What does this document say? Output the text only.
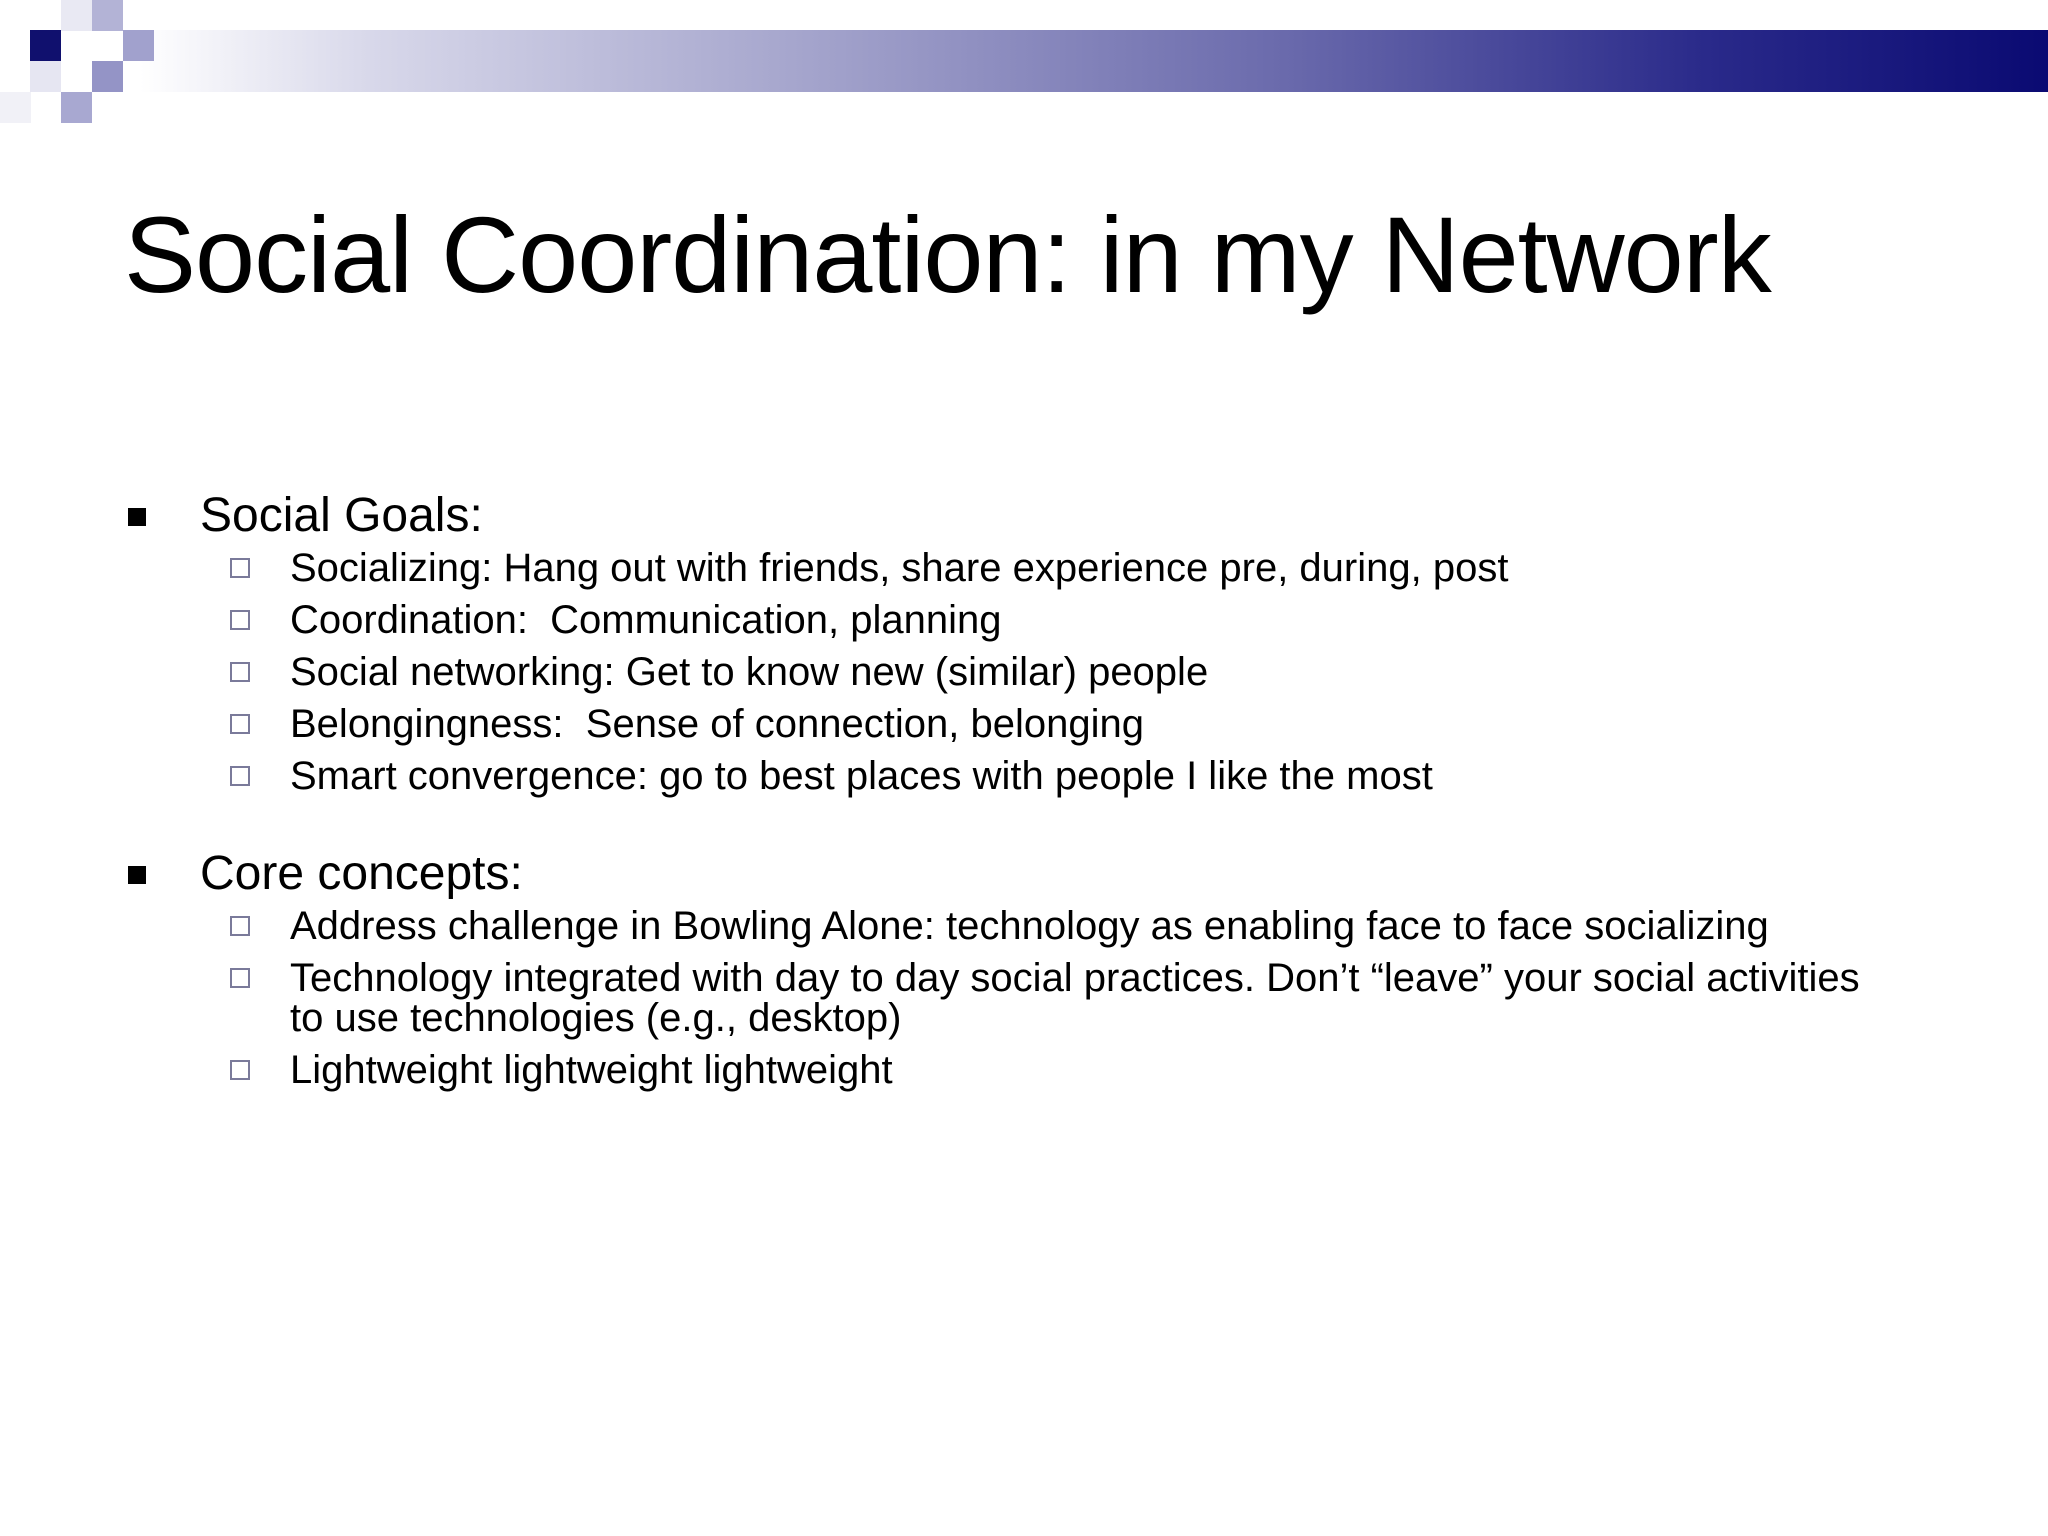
Social Coordination: in my Network
Social Goals:
Socializing: Hang out with friends, share experience pre, during, post
Coordination:  Communication, planning
Social networking: Get to know new (similar) people
Belongingness:  Sense of connection, belonging
Smart convergence: go to best places with people I like the most
Core concepts:
Address challenge in Bowling Alone: technology as enabling face to face socializing
Technology integrated with day to day social practices. Don’t “leave” your social activities to use technologies (e.g., desktop)
Lightweight lightweight lightweight
